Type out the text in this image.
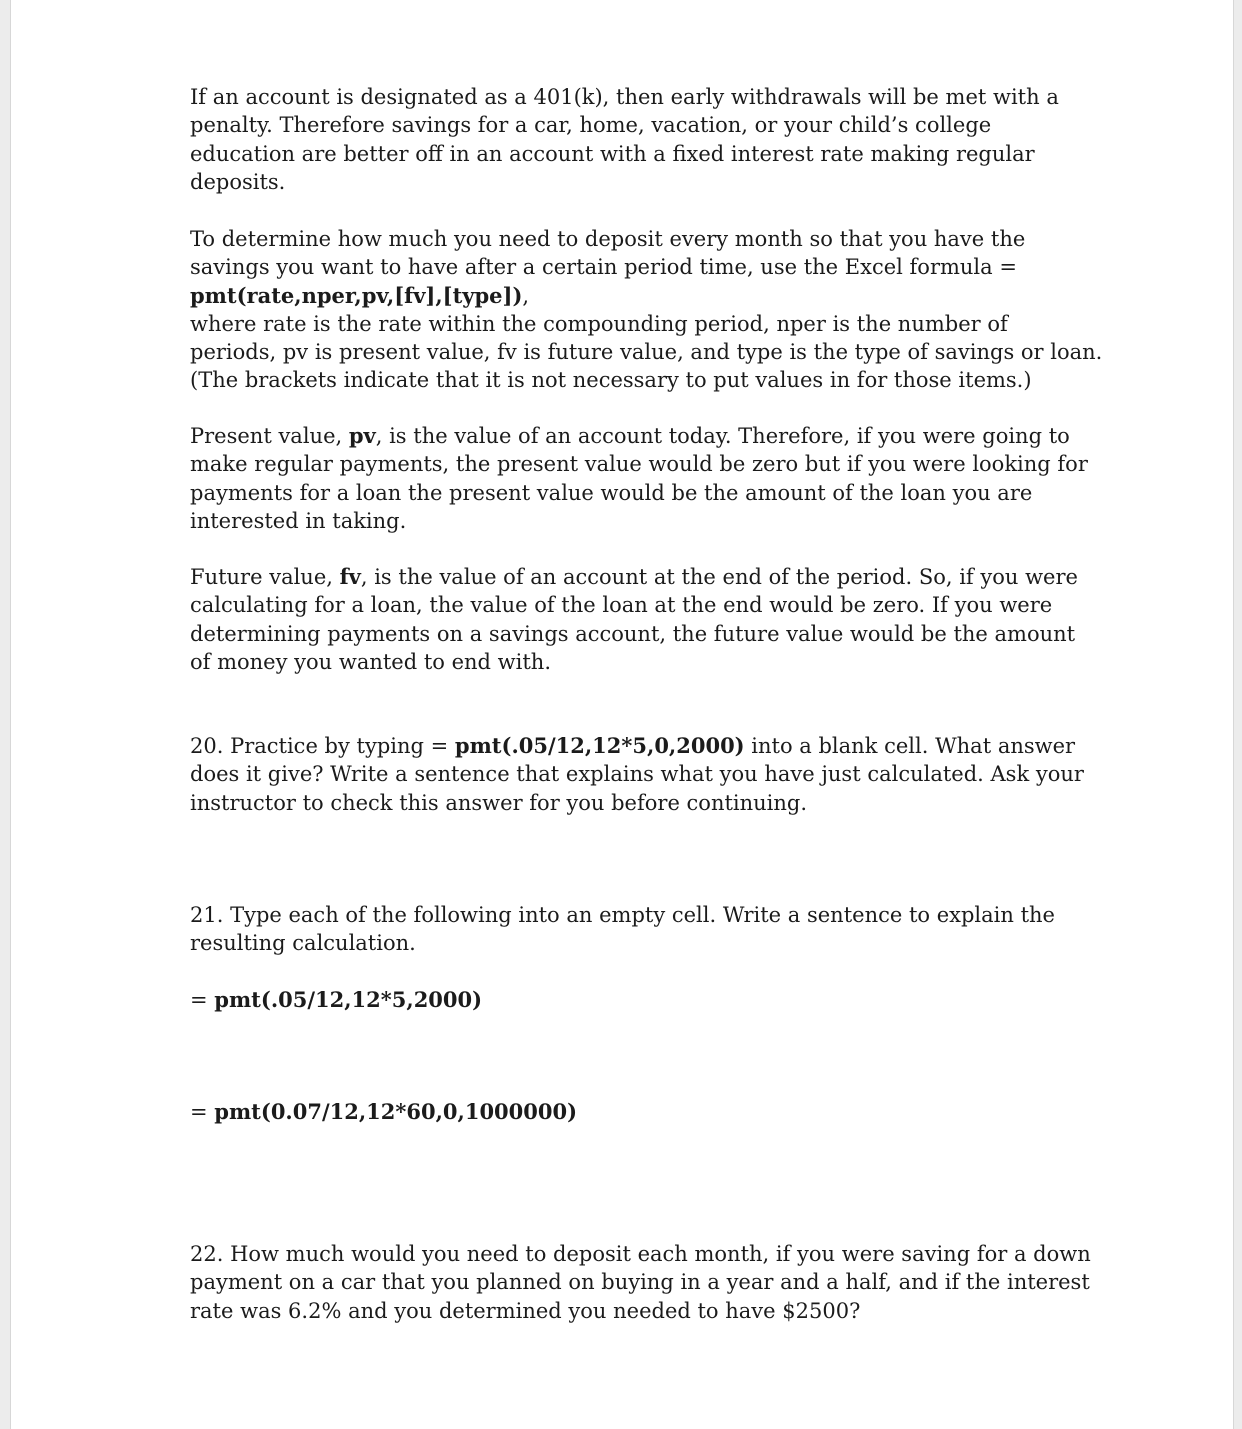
If an account is designated as a 401(k), then early withdrawals will be met with a
penalty. Therefore savings for a car, home, vacation, or your child’s college
education are better off in an account with a fixed interest rate making regular
deposits.
To determine how much you need to deposit every month so that you have the
savings you want to have after a certain period time, use the Excel formula =
pmt(rate,nper,pv,[fv],[type]),
where rate is the rate within the compounding period, nper is the number of
periods, pv is present value, fv is future value, and type is the type of savings or loan.
(The brackets indicate that it is not necessary to put values in for those items.)
Present value, pv, is the value of an account today. Therefore, if you were going to
make regular payments, the present value would be zero but if you were looking for
payments for a loan the present value would be the amount of the loan you are
interested in taking.
Future value, fv, is the value of an account at the end of the period. So, if you were
calculating for a loan, the value of the loan at the end would be zero. If you were
determining payments on a savings account, the future value would be the amount
of money you wanted to end with.
20. Practice by typing = pmt(.05/12,12*5,0,2000) into a blank cell. What answer
does it give? Write a sentence that explains what you have just calculated. Ask your
instructor to check this answer for you before continuing.
21. Type each of the following into an empty cell. Write a sentence to explain the
resulting calculation.
= pmt(.05/12,12*5,2000)
= pmt(0.07/12,12*60,0,1000000)
22. How much would you need to deposit each month, if you were saving for a down
payment on a car that you planned on buying in a year and a half, and if the interest
rate was 6.2% and you determined you needed to have $2500?
